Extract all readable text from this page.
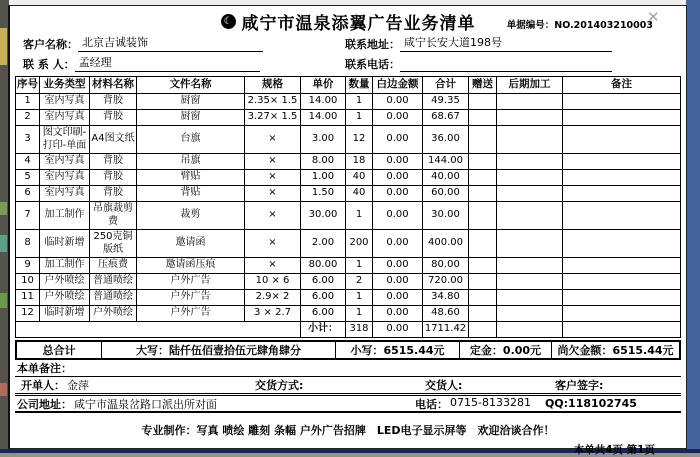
✕
☾ 咸宁市温泉添翼广告业务清单	单据编号：NO.201403210003
客户名称： 北京吉诚装饰	联系地址： 咸宁长安大道198号
联 系 人： 孟经理	联系电话：
序号	业务类型	材料名称	文件名称	规格	单价	数量	白边金额	合计	赠送	后期加工	备注
1	室内写真	背胶	厨窗	2.35× 1.5	14.00	1	0.00	49.35			
2	室内写真	背胶	厨窗	3.27× 1.5	14.00	1	0.00	68.67			
3	图文印刷-打印-单面	A4图文纸	台旗	×	3.00	12	0.00	36.00			
4	室内写真	背胶	吊旗	×	8.00	18	0.00	144.00			
5	室内写真	背胶	臂贴	×	1.00	40	0.00	40.00			
6	室内写真	背胶	背贴	×	1.50	40	0.00	60.00			
7	加工制作	吊旗裁剪费	裁剪	×	30.00	1	0.00	30.00			
8	临时新增	250克铜版纸	邀请函	×	2.00	200	0.00	400.00			
9	加工制作	压痕费	邀请函压痕	×	80.00	1	0.00	80.00			
10	户外喷绘	普通喷绘	户外广告	10 × 6	6.00	2	0.00	720.00			
11	户外喷绘	普通喷绘	户外广告	2.9× 2	6.00	1	0.00	34.80			
12	临时新增	户外喷绘	户外广告	3 × 2.7	6.00	1	0.00	48.60			
					小计：	318	0.00	1711.42			
总合计	大写：陆仟伍佰壹拾伍元肆角肆分	小写： 6515.44元 定金： 0.00元 尚欠金额： 6515.44元
本单备注：
开单人： 金萍	交货方式:	交货人:	客户签字:
公司地址： 咸宁市温泉岔路口派出所对面	电话： 0715-8133281 QQ:118102745
专业制作：写真 喷绘 雕刻 条幅 户外广告招牌　LED电子显示屏等　欢迎洽谈合作！
本单共4页 第1页
